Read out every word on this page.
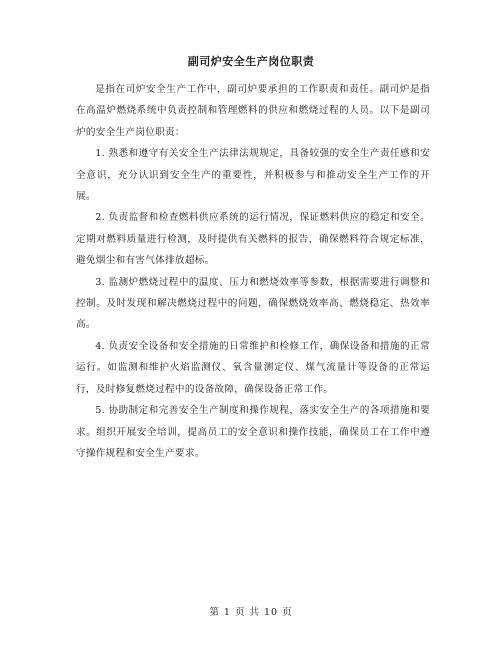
副司炉安全生产岗位职责

是指在司炉安全生产工作中，副司炉要承担的工作职责和责任。副司炉是指在高温炉燃烧系统中负责控制和管理燃料的供应和燃烧过程的人员。以下是副司炉的安全生产岗位职责：

1. 熟悉和遵守有关安全生产法律法规规定，具备较强的安全生产责任感和安全意识，充分认识到安全生产的重要性，并积极参与和推动安全生产工作的开展。

2. 负责监督和检查燃料供应系统的运行情况，保证燃料供应的稳定和安全。定期对燃料质量进行检测，及时提供有关燃料的报告，确保燃料符合规定标准，避免烟尘和有害气体排放超标。

3. 监测炉燃烧过程中的温度、压力和燃烧效率等参数，根据需要进行调整和控制。及时发现和解决燃烧过程中的问题，确保燃烧效率高、燃烧稳定、热效率高。

4. 负责安全设备和安全措施的日常维护和检修工作，确保设备和措施的正常运行。如监测和维护火焰监测仪、氧含量测定仪、煤气流量计等设备的正常运行，及时修复燃烧过程中的设备故障，确保设备正常工作。

5. 协助制定和完善安全生产制度和操作规程，落实安全生产的各项措施和要求。组织开展安全培训，提高员工的安全意识和操作技能，确保员工在工作中遵守操作规程和安全生产要求。

第 1 页 共 10 页
